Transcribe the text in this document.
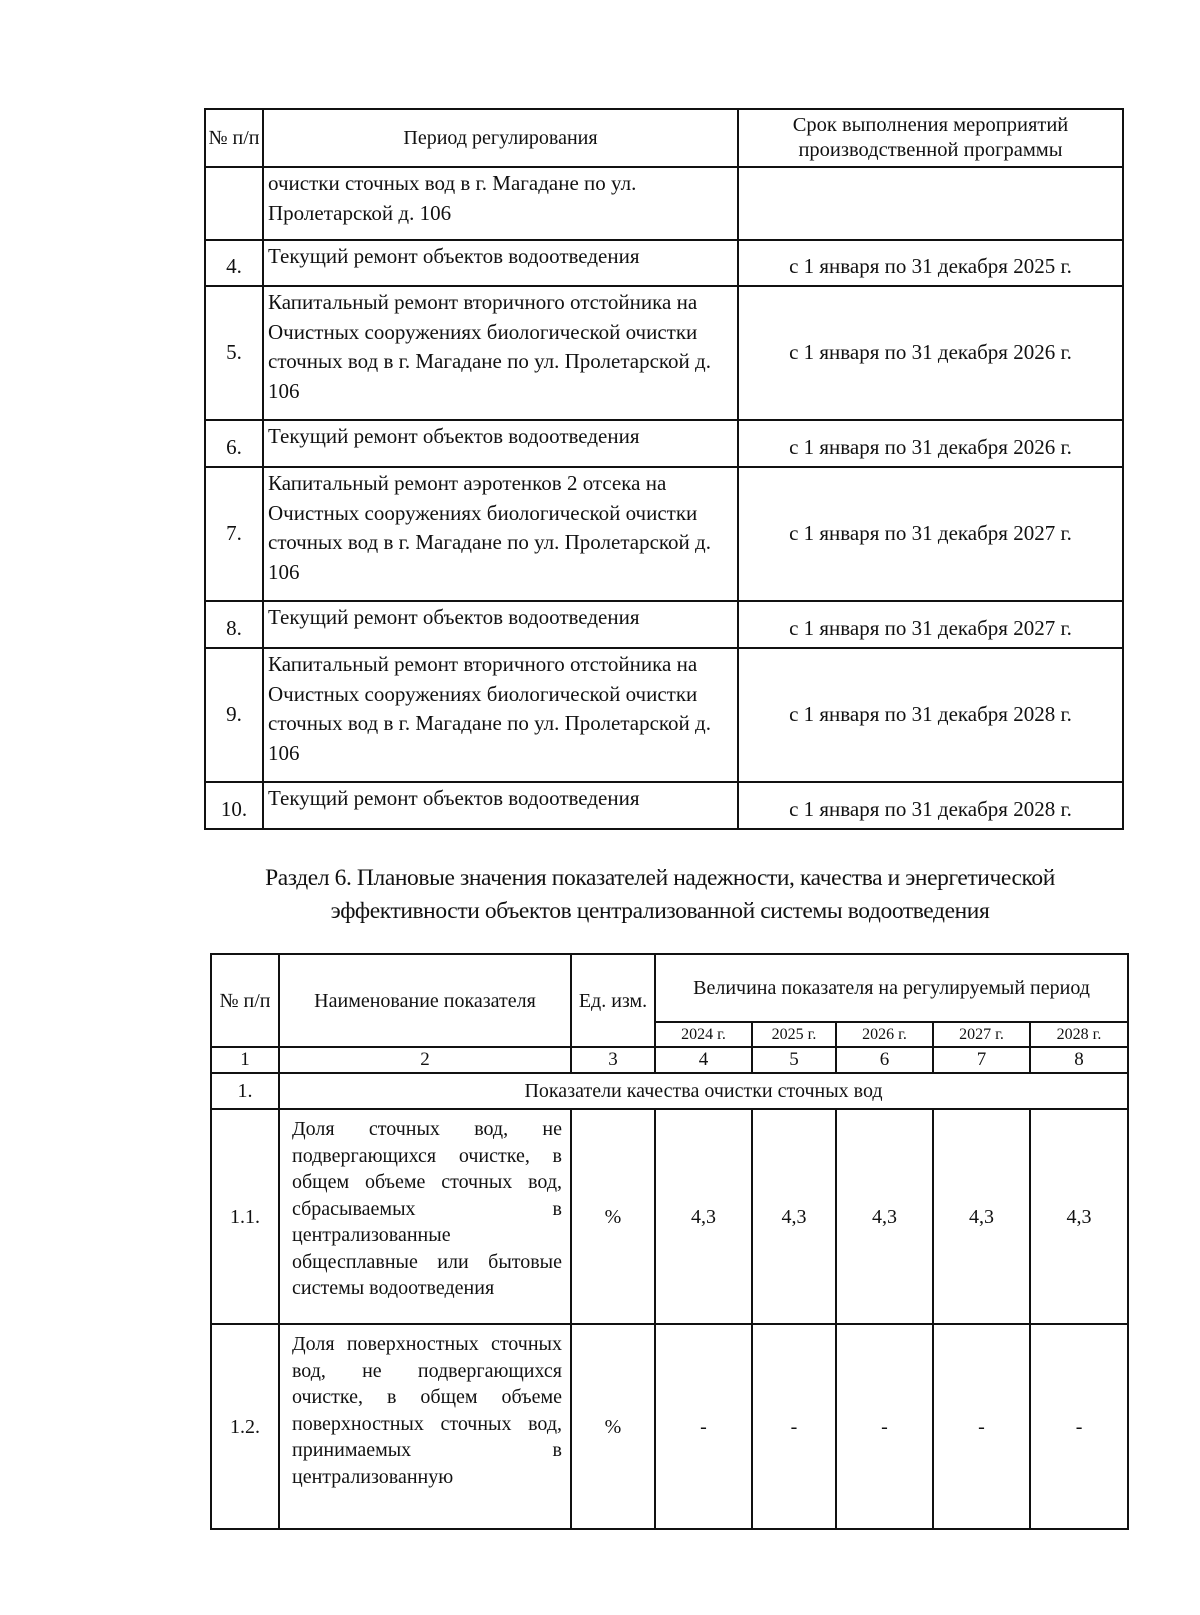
№ п/п	Период регулирования	Срок выполнения мероприятий производственной программы
	очистки сточных вод в г. Магадане по ул. Пролетарской д. 106	
4.	Текущий ремонт объектов водоотведения	с 1 января по 31 декабря 2025 г.
5.	Капитальный ремонт вторичного отстойника на Очистных сооружениях биологической очистки сточных вод в г. Магадане по ул. Пролетарской д. 106	с 1 января по 31 декабря 2026 г.
6.	Текущий ремонт объектов водоотведения	с 1 января по 31 декабря 2026 г.
7.	Капитальный ремонт аэротенков 2 отсека на Очистных сооружениях биологической очистки сточных вод в г. Магадане по ул. Пролетарской д. 106	с 1 января по 31 декабря 2027 г.
8.	Текущий ремонт объектов водоотведения	с 1 января по 31 декабря 2027 г.
9.	Капитальный ремонт вторичного отстойника на Очистных сооружениях биологической очистки сточных вод в г. Магадане по ул. Пролетарской д. 106	с 1 января по 31 декабря 2028 г.
10.	Текущий ремонт объектов водоотведения	с 1 января по 31 декабря 2028 г.
Раздел 6. Плановые значения показателей надежности, качества и энергетической эффективности объектов централизованной системы водоотведения
№ п/п	Наименование показателя	Ед. изм.	Величина показателя на регулируемый период				
			2024 г.	2025 г.	2026 г.	2027 г.	2028 г.
1	2	3	4	5	6	7	8
1.	Показатели качества очистки сточных вод						
1.1.	Доля сточных вод, не подвергающихся очистке, в общем объеме сточных вод, сбрасываемых в централизованные общесплавные или бытовые системы водоотведения	%	4,3	4,3	4,3	4,3	4,3
1.2.	Доля поверхностных сточных вод, не подвергающихся очистке, в общем объеме поверхностных сточных вод, принимаемых в централизованную	%	-	-	-	-	-
